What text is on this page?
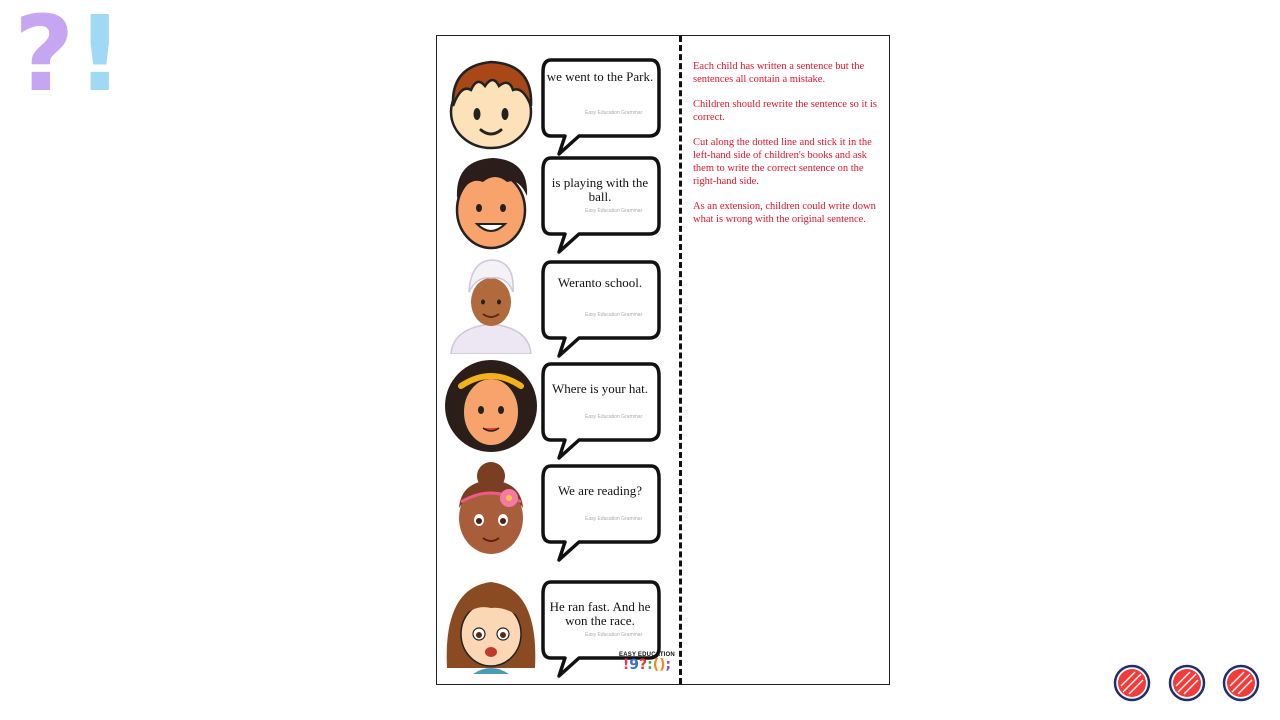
? !	we went to the Park.
Easy Education Grammar
is playing with the ball.
Easy Education Grammar
Weranto school.
Easy Education Grammar
Where is your hat.
Easy Education Grammar
We are reading?
Easy Education Grammar
He ran fast. And he won the race.
Easy Education Grammar
EASY EDUCATION
!9?:();

Each child has written a sentence but the sentences all contain a mistake.

Children should rewrite the sentence so it is correct.

Cut along the dotted line and stick it in the left-hand side of children's books and ask them to write the correct sentence on the right-hand side.

As an extension, children could write down what is wrong with the original sentence.
